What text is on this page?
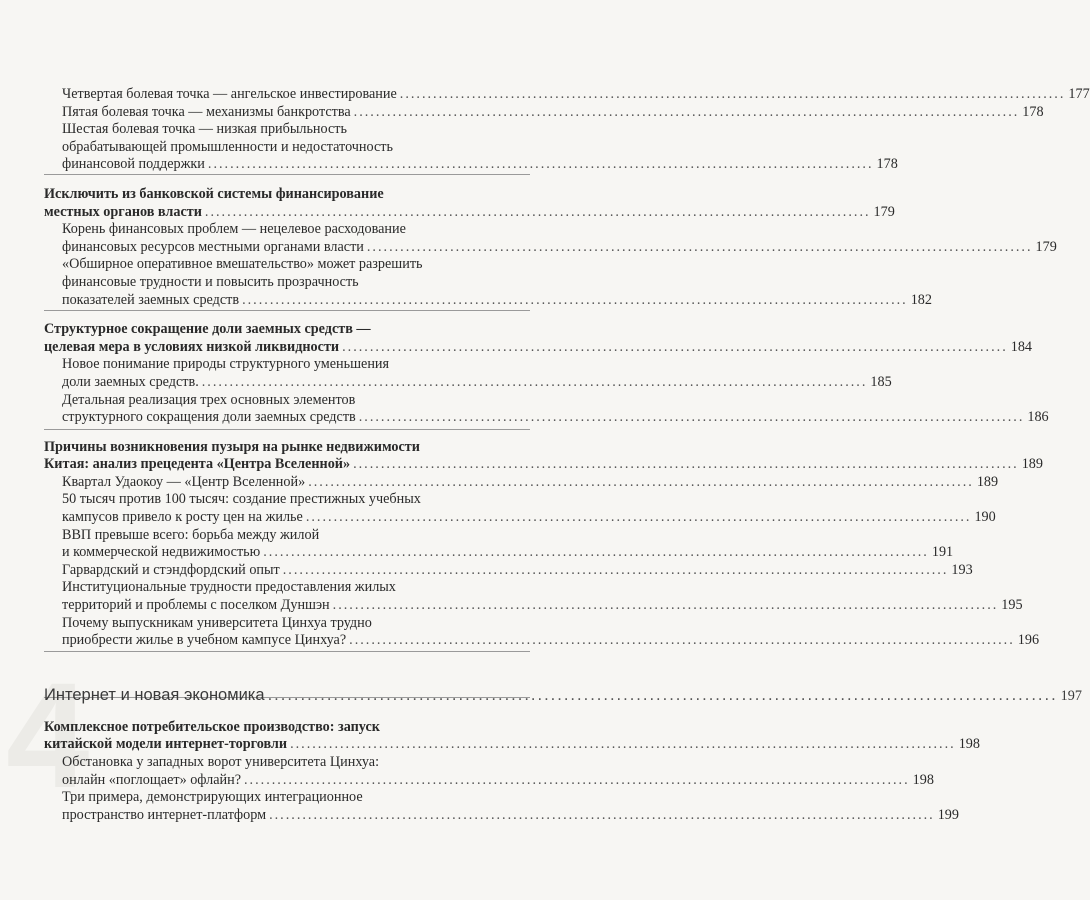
4
Четвертая болевая точка — ангельское инвестирование ........................................................................................................................ 177
Пятая болевая точка — механизмы банкротства ........................................................................................................................ 178
Шестая болевая точка — низкая прибыльность
обрабатывающей промышленности и недостаточность
финансовой поддержки ........................................................................................................................ 178
Исключить из банковской системы финансирование
местных органов власти ........................................................................................................................ 179
Корень финансовых проблем — нецелевое расходование
финансовых ресурсов местными органами власти ........................................................................................................................ 179
«Обширное оперативное вмешательство» может разрешить
финансовые трудности и повысить прозрачность
показателей заемных средств ........................................................................................................................ 182
Структурное сокращение доли заемных средств —
целевая мера в условиях низкой ликвидности ........................................................................................................................ 184
Новое понимание природы структурного уменьшения
доли заемных средств. ........................................................................................................................ 185
Детальная реализация трех основных элементов
структурного сокращения доли заемных средств ........................................................................................................................ 186
Причины возникновения пузыря на рынке недвижимости
Китая: анализ прецедента «Центра Вселенной» ........................................................................................................................ 189
Квартал Удаокоу — «Центр Вселенной» ........................................................................................................................ 189
50 тысяч против 100 тысяч: создание престижных учебных
кампусов привело к росту цен на жилье ........................................................................................................................ 190
ВВП превыше всего: борьба между жилой
и коммерческой недвижимостью ........................................................................................................................ 191
Гарвардский и стэндфордский опыт ........................................................................................................................ 193
Институциональные трудности предоставления жилых
территорий и проблемы с поселком Дуншэн ........................................................................................................................ 195
Почему выпускникам университета Цинхуа трудно
приобрести жилье в учебном кампусе Цинхуа? ........................................................................................................................ 196
Интернет и новая экономика ........................................................................................................................ 197
Комплексное потребительское производство: запуск
китайской модели интернет-торговли ........................................................................................................................ 198
Обстановка у западных ворот университета Цинхуа:
онлайн «поглощает» офлайн? ........................................................................................................................ 198
Три примера, демонстрирующих интеграционное
пространство интернет-платформ ........................................................................................................................ 199
